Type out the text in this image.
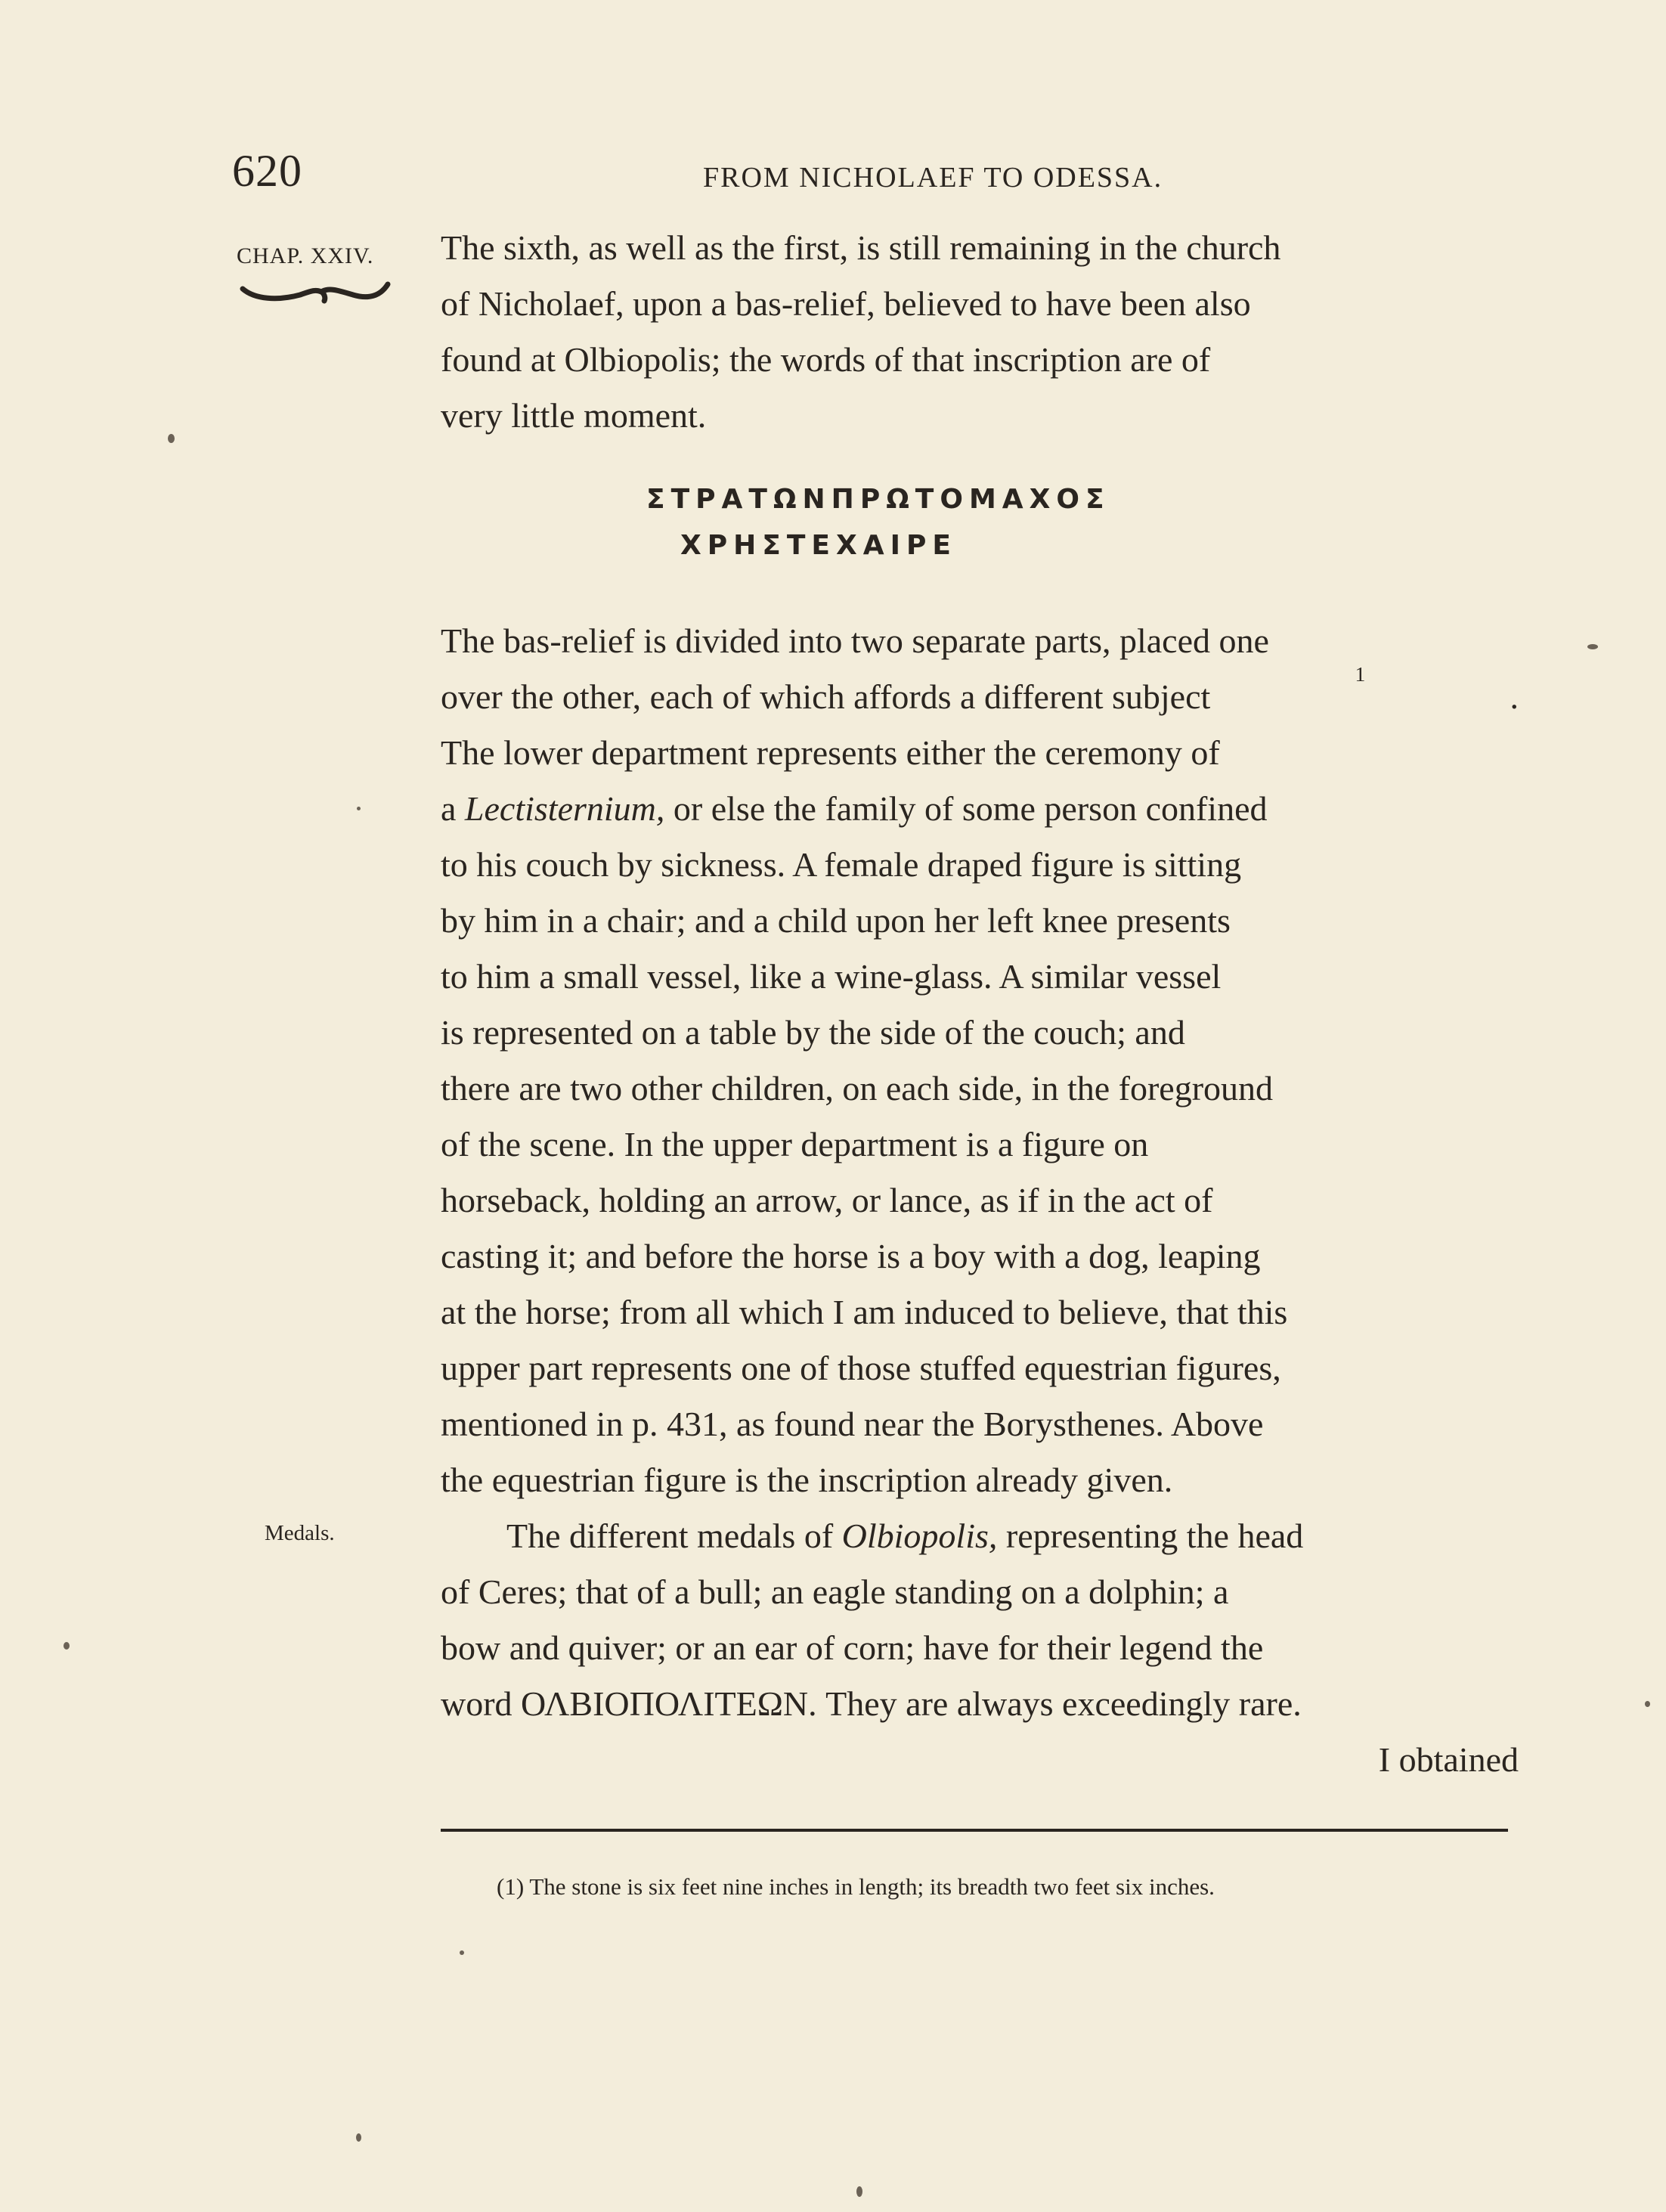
620	FROM NICHOLAEF TO ODESSA.
CHAP. XXIV. The sixth, as well as the first, is still remaining in the church
of Nicholaef, upon a bas-relief, believed to have been also
found at Olbiopolis; the words of that inscription are of
very little moment.
ΣΤΡΑΤΩΝΠΡΩΤΟΜΑΧΟΣ
ΧΡΗΣΤΕΧΑΙΡΕ
The bas-relief is divided into two separate parts, placed one
over the other, each of which affords a different subject
1
.
The lower department represents either the ceremony of
a Lectisternium, or else the family of some person confined
to his couch by sickness. A female draped figure is sitting
by him in a chair; and a child upon her left knee presents
to him a small vessel, like a wine-glass. A similar vessel
is represented on a table by the side of the couch; and
there are two other children, on each side, in the foreground
of the scene. In the upper department is a figure on
horseback, holding an arrow, or lance, as if in the act of
casting it; and before the horse is a boy with a dog, leaping
at the horse; from all which I am induced to believe, that this
upper part represents one of those stuffed equestrian figures,
mentioned in p. 431, as found near the Borysthenes. Above
the equestrian figure is the inscription already given.
Medals.	The different medals of Olbiopolis, representing the head
of Ceres; that of a bull; an eagle standing on a dolphin; a
bow and quiver; or an ear of corn; have for their legend the
word ΟΛΒΙΟΠΟΛΙΤΕΩΝ. They are always exceedingly rare.
I obtained
(1) The stone is six feet nine inches in length; its breadth two feet six inches.
